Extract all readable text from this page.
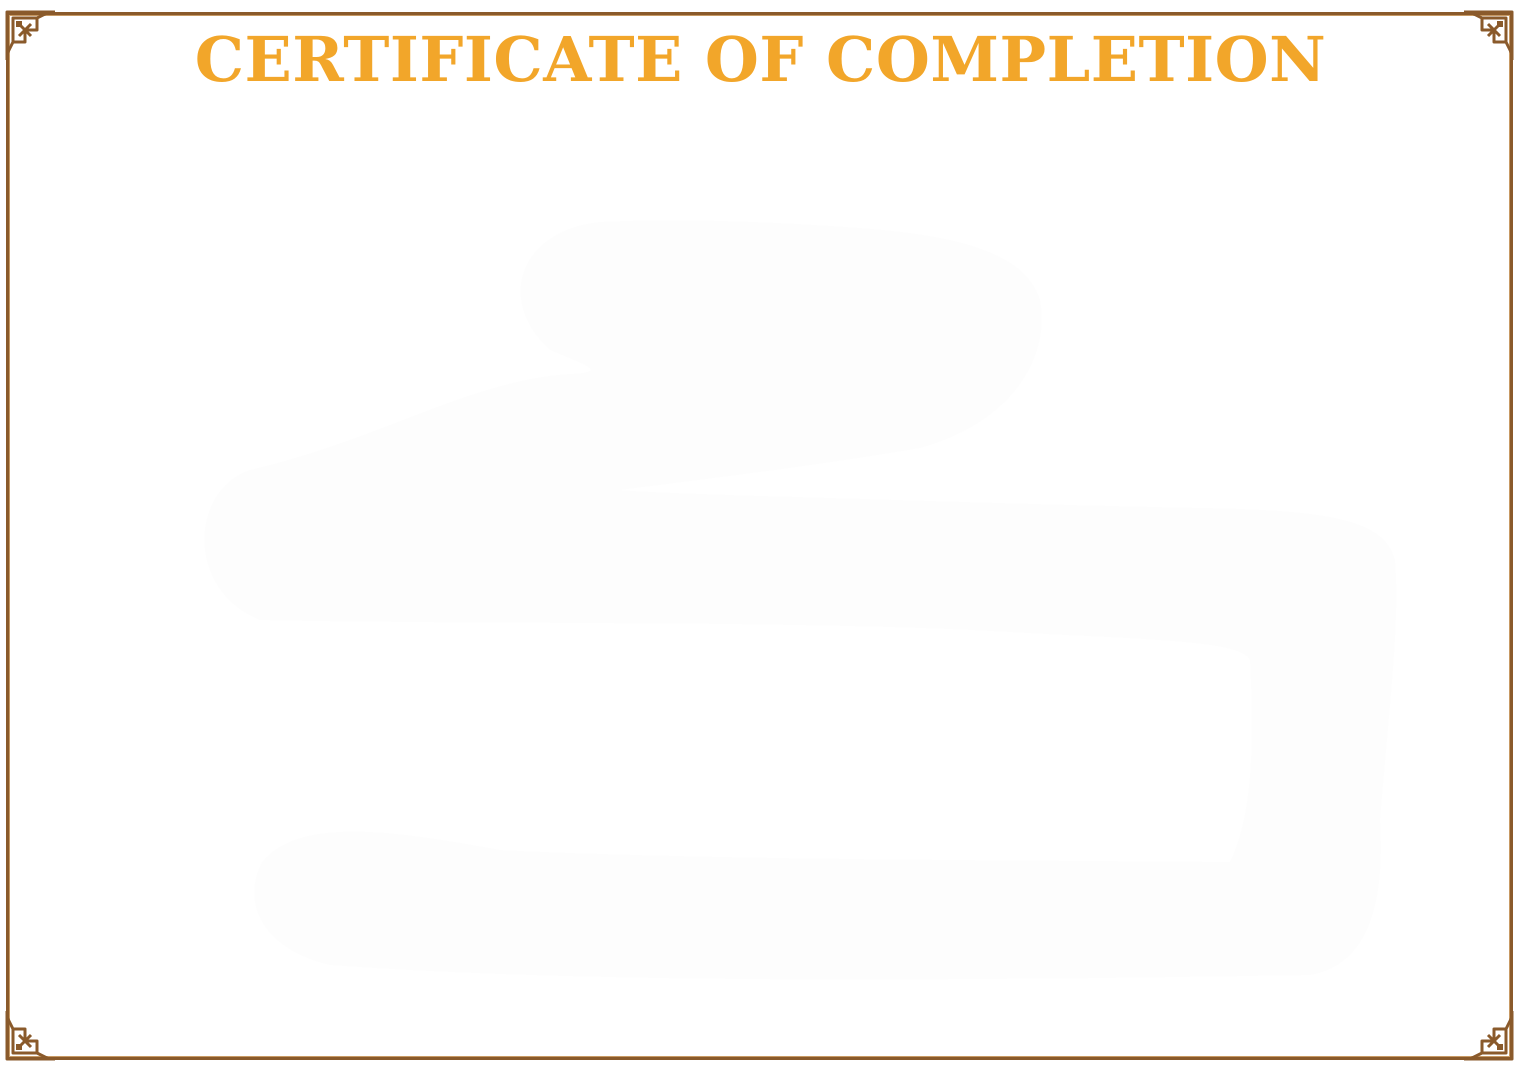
CERTIFICATE OF COMPLETION
